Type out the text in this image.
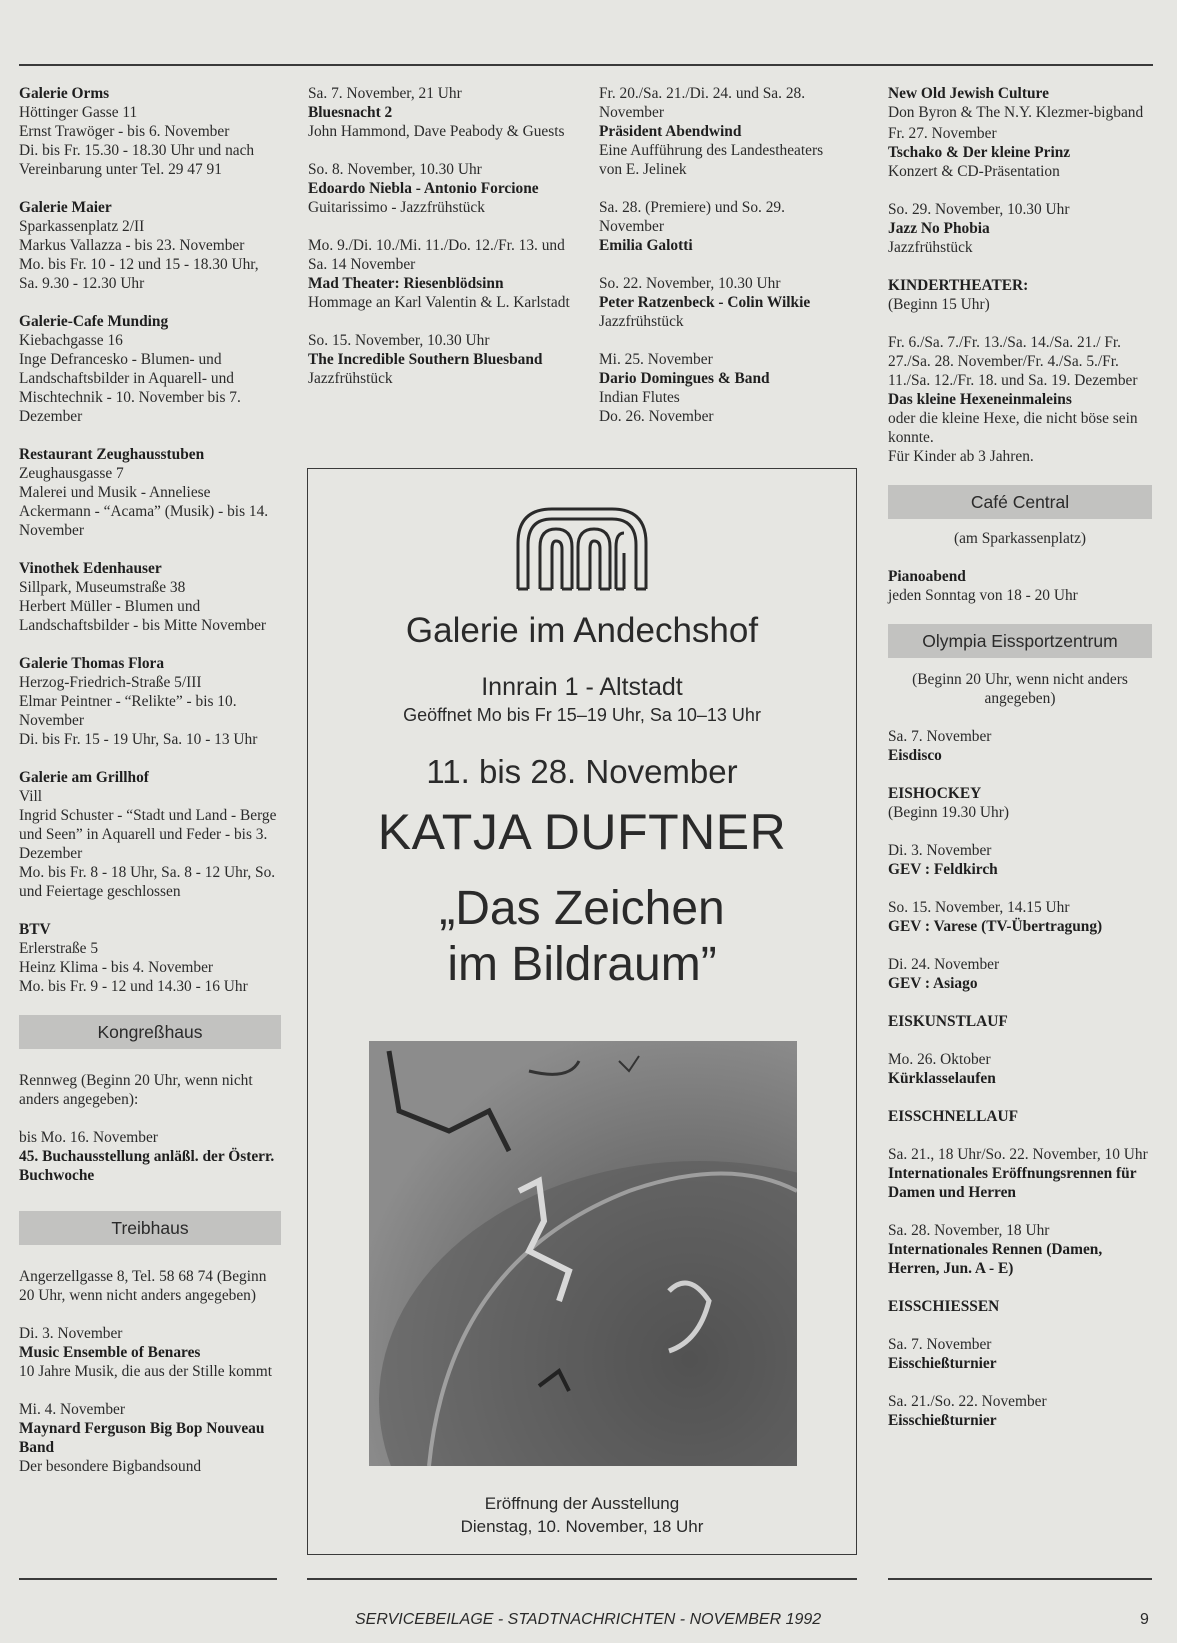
Galerie Orms
Höttinger Gasse 11
Ernst Trawöger - bis 6. November
Di. bis Fr. 15.30 - 18.30 Uhr und nach Vereinbarung unter Tel. 29 47 91
Galerie Maier
Sparkassenplatz 2/II
Markus Vallazza - bis 23. November
Mo. bis Fr. 10 - 12 und 15 - 18.30 Uhr, Sa. 9.30 - 12.30 Uhr
Galerie-Cafe Munding
Kiebachgasse 16
Inge Defrancesko - Blumen- und Landschaftsbilder in Aquarell- und Mischtechnik - 10. November bis 7. Dezember
Restaurant Zeughausstuben
Zeughausgasse 7
Malerei und Musik - Anneliese Ackermann - “Acama” (Musik) - bis 14. November
Vinothek Edenhauser
Sillpark, Museumstraße 38
Herbert Müller - Blumen und Landschaftsbilder - bis Mitte November
Galerie Thomas Flora
Herzog-Friedrich-Straße 5/III
Elmar Peintner - “Relikte” - bis 10. November
Di. bis Fr. 15 - 19 Uhr, Sa. 10 - 13 Uhr
Galerie am Grillhof
Vill
Ingrid Schuster - “Stadt und Land - Berge und Seen” in Aquarell und Feder - bis 3. Dezember
Mo. bis Fr. 8 - 18 Uhr, Sa. 8 - 12 Uhr, So. und Feiertage geschlossen
BTV
Erlerstraße 5
Heinz Klima - bis 4. November
Mo. bis Fr. 9 - 12 und 14.30 - 16 Uhr
Kongreßhaus
Rennweg (Beginn 20 Uhr, wenn nicht anders angegeben):
bis Mo. 16. November
45. Buchausstellung anläßl. der Österr. Buchwoche
Treibhaus
Angerzellgasse 8, Tel. 58 68 74 (Beginn 20 Uhr, wenn nicht anders angegeben)
Di. 3. November
Music Ensemble of Benares
10 Jahre Musik, die aus der Stille kommt
Mi. 4. November
Maynard Ferguson Big Bop Nouveau Band
Der besondere Bigbandsound
Sa. 7. November, 21 Uhr
Bluesnacht 2
John Hammond, Dave Peabody & Guests
So. 8. November, 10.30 Uhr
Edoardo Niebla - Antonio Forcione
Guitarissimo - Jazzfrühstück
Mo. 9./Di. 10./Mi. 11./Do. 12./Fr. 13. und Sa. 14 November
Mad Theater: Riesenblödsinn
Hommage an Karl Valentin & L. Karlstadt
So. 15. November, 10.30 Uhr
The Incredible Southern Bluesband
Jazzfrühstück
Fr. 20./Sa. 21./Di. 24. und Sa. 28. November
Präsident Abendwind
Eine Aufführung des Landestheaters von E. Jelinek
Sa. 28. (Premiere) und So. 29. November
Emilia Galotti
So. 22. November, 10.30 Uhr
Peter Ratzenbeck - Colin Wilkie
Jazzfrühstück
Mi. 25. November
Dario Domingues & Band
Indian Flutes
Do. 26. November
New Old Jewish Culture
Don Byron & The N.Y. Klezmer-bigband
Fr. 27. November
Tschako & Der kleine Prinz
Konzert & CD-Präsentation
So. 29. November, 10.30 Uhr
Jazz No Phobia
Jazzfrühstück
KINDERTHEATER:
(Beginn 15 Uhr)
Fr. 6./Sa. 7./Fr. 13./Sa. 14./Sa. 21./ Fr. 27./Sa. 28. November/Fr. 4./Sa. 5./Fr. 11./Sa. 12./Fr. 18. und Sa. 19. Dezember
Das kleine Hexeneinmaleins
oder die kleine Hexe, die nicht böse sein konnte.
Für Kinder ab 3 Jahren.
Café Central
(am Sparkassenplatz)
Pianoabend
jeden Sonntag von 18 - 20 Uhr
Olympia Eissportzentrum
(Beginn 20 Uhr, wenn nicht anders angegeben)
Sa. 7. November
Eisdisco
EISHOCKEY
(Beginn 19.30 Uhr)
Di. 3. November
GEV : Feldkirch
So. 15. November, 14.15 Uhr
GEV : Varese (TV-Übertragung)
Di. 24. November
GEV : Asiago
EISKUNSTLAUF
Mo. 26. Oktober
Kürklasselaufen
EISSCHNELLAUF
Sa. 21., 18 Uhr/So. 22. November, 10 Uhr
Internationales Eröffnungsrennen für Damen und Herren
Sa. 28. November, 18 Uhr
Internationales Rennen (Damen, Herren, Jun. A - E)
EISSCHIESSEN
Sa. 7. November
Eisschießturnier
Sa. 21./So. 22. November
Eisschießturnier
Galerie im Andechshof
Innrain 1 - Altstadt
Geöffnet Mo bis Fr 15–19 Uhr, Sa 10–13 Uhr
11. bis 28. November
KATJA DUFTNER
„Das Zeichen
im Bildraum”
Eröffnung der Ausstellung
Dienstag, 10. November, 18 Uhr
SERVICEBEILAGE - STADTNACHRICHTEN - NOVEMBER 1992	9
